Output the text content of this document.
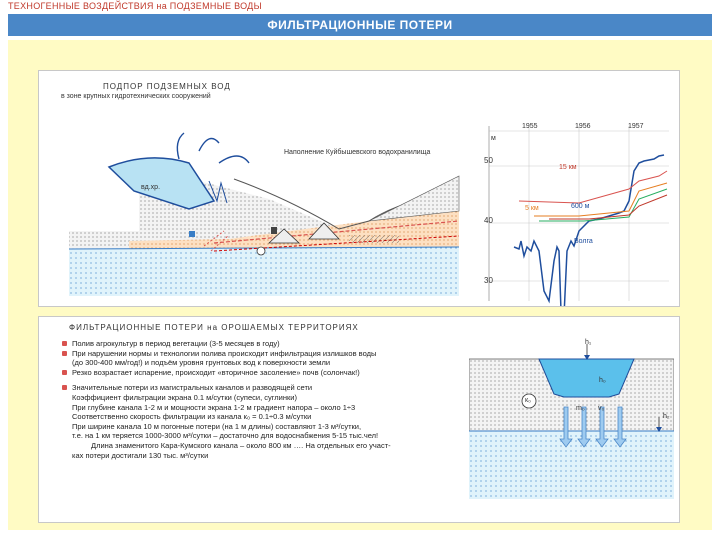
ТЕХНОГЕННЫЕ ВОЗДЕЙСТВИЯ на ПОДЗЕМНЫЕ ВОДЫ
ФИЛЬТРАЦИОННЫЕ ПОТЕРИ
ПОДПОР ПОДЗЕМНЫХ ВОД
в зоне крупных гидротехнических сооружений
1955	1956	1957
м
50
40
30
Наполнение Куйбышевского водохранилища
вд.хр.
15 км
5 км	600 м
Волга
ФИЛЬТРАЦИОННЫЕ ПОТЕРИ на ОРОШАЕМЫХ ТЕРРИТОРИЯХ
Полив агрокультур в период вегетации (3-5 месяцев в году)
При нарушении нормы и технологии полива происходит инфильтрация излишков воды
(до 300-400 мм/год!) и подъём уровня грунтовых вод к поверхности земли
Резко возрастает испарение, происходит «вторичное засоление» почв (солончак!)
Значительные потери из магистральных каналов и разводящей сети
Коэффициент фильтрации экрана 0.1 м/сутки (супеси, суглинки)
При глубине канала 1-2 м и мощности экрана 1-2 м градиент напора – около 1÷3
Соответственно скорость фильтрации из канала к₀ = 0.1÷0.3 м/сутки
При ширине канала 10 м погонные потери (на 1 м длины) составляют 1-3 м³/сутки,
т.е. на 1 км теряется 1000-3000 м³/сутки – достаточно для водоснабжения 5-15 тыс.чел!
Длина знаменитого Кара-Кумского канала – около 800 км …. На отдельных его участ-
ках потери достигали 130 тыс. м³/сутки
h₁
h₀
к₀
m₀ v₀
h₂
